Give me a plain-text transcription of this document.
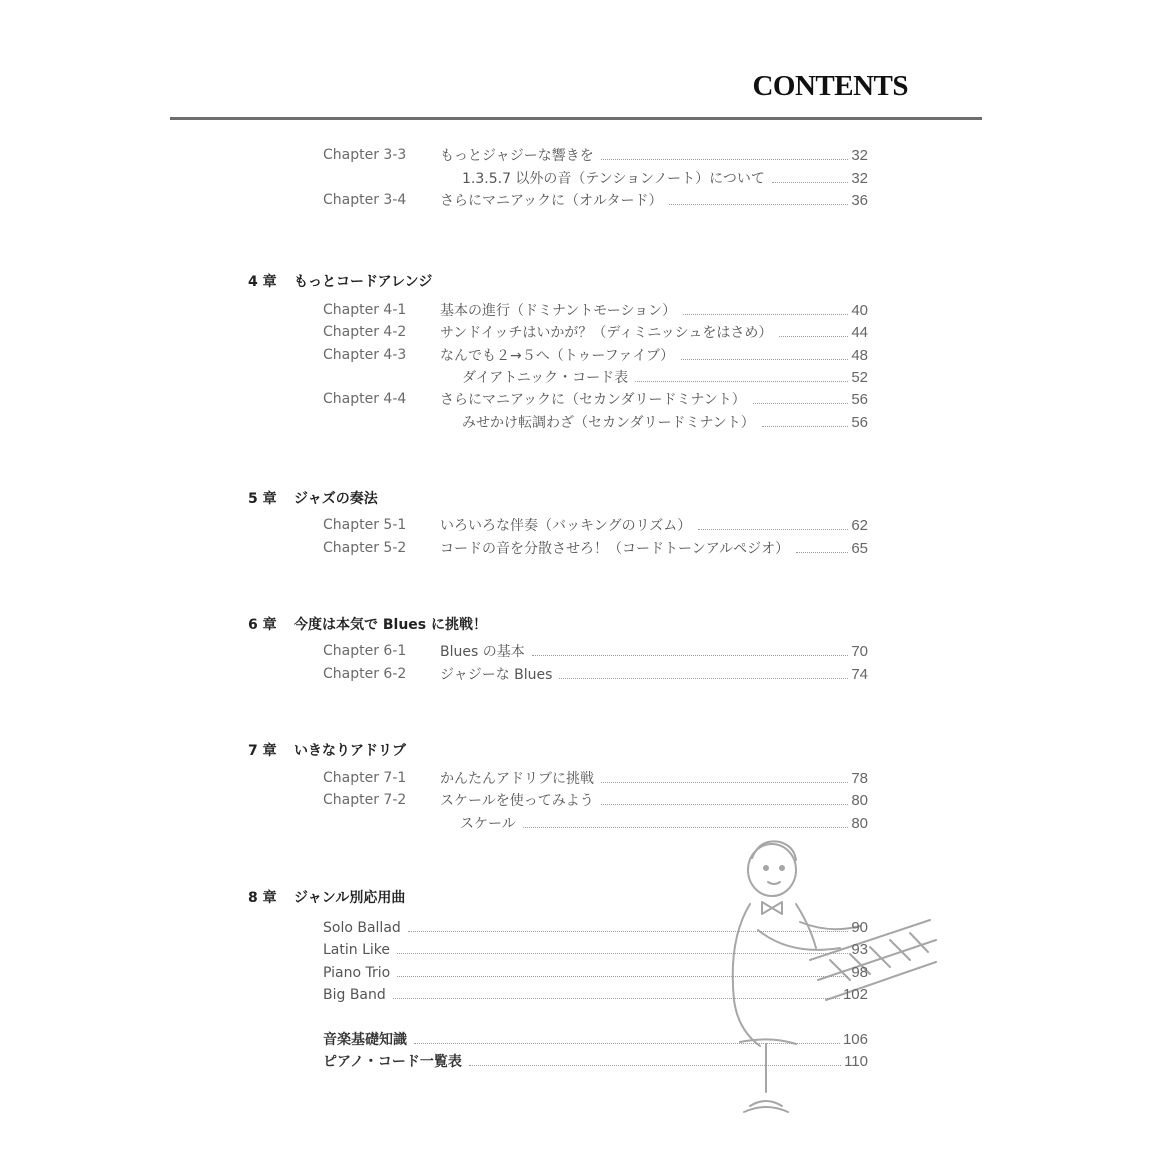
CONTENTS
Chapter 3-3 もっとジャジーな響きを	32
1.3.5.7 以外の音（テンションノート）について	32
Chapter 3-4 さらにマニアックに（オルタード）	36
4 章 もっとコードアレンジ
Chapter 4-1 基本の進行（ドミナントモーション）	40
Chapter 4-2 サンドイッチはいかが？（ディミニッシュをはさめ）	44
Chapter 4-3 なんでも２→５へ（トゥーファイブ）	48
ダイアトニック・コード表	52
Chapter 4-4 さらにマニアックに（セカンダリードミナント）	56
みせかけ転調わざ（セカンダリードミナント）	56
5 章 ジャズの奏法
Chapter 5-1 いろいろな伴奏（バッキングのリズム）	62
Chapter 5-2 コードの音を分散させろ！（コードトーンアルペジオ）	65
6 章 今度は本気で Blues に挑戦！
Chapter 6-1 Blues の基本	70
Chapter 6-2 ジャジーな Blues	74
7 章 いきなりアドリブ
Chapter 7-1 かんたんアドリブに挑戦	78
Chapter 7-2 スケールを使ってみよう	80
スケール	80
8 章 ジャンル別応用曲
Solo Ballad	90
Latin Like	93
Piano Trio	98
Big Band	102
音楽基礎知識	106
ピアノ・コード一覧表	110
